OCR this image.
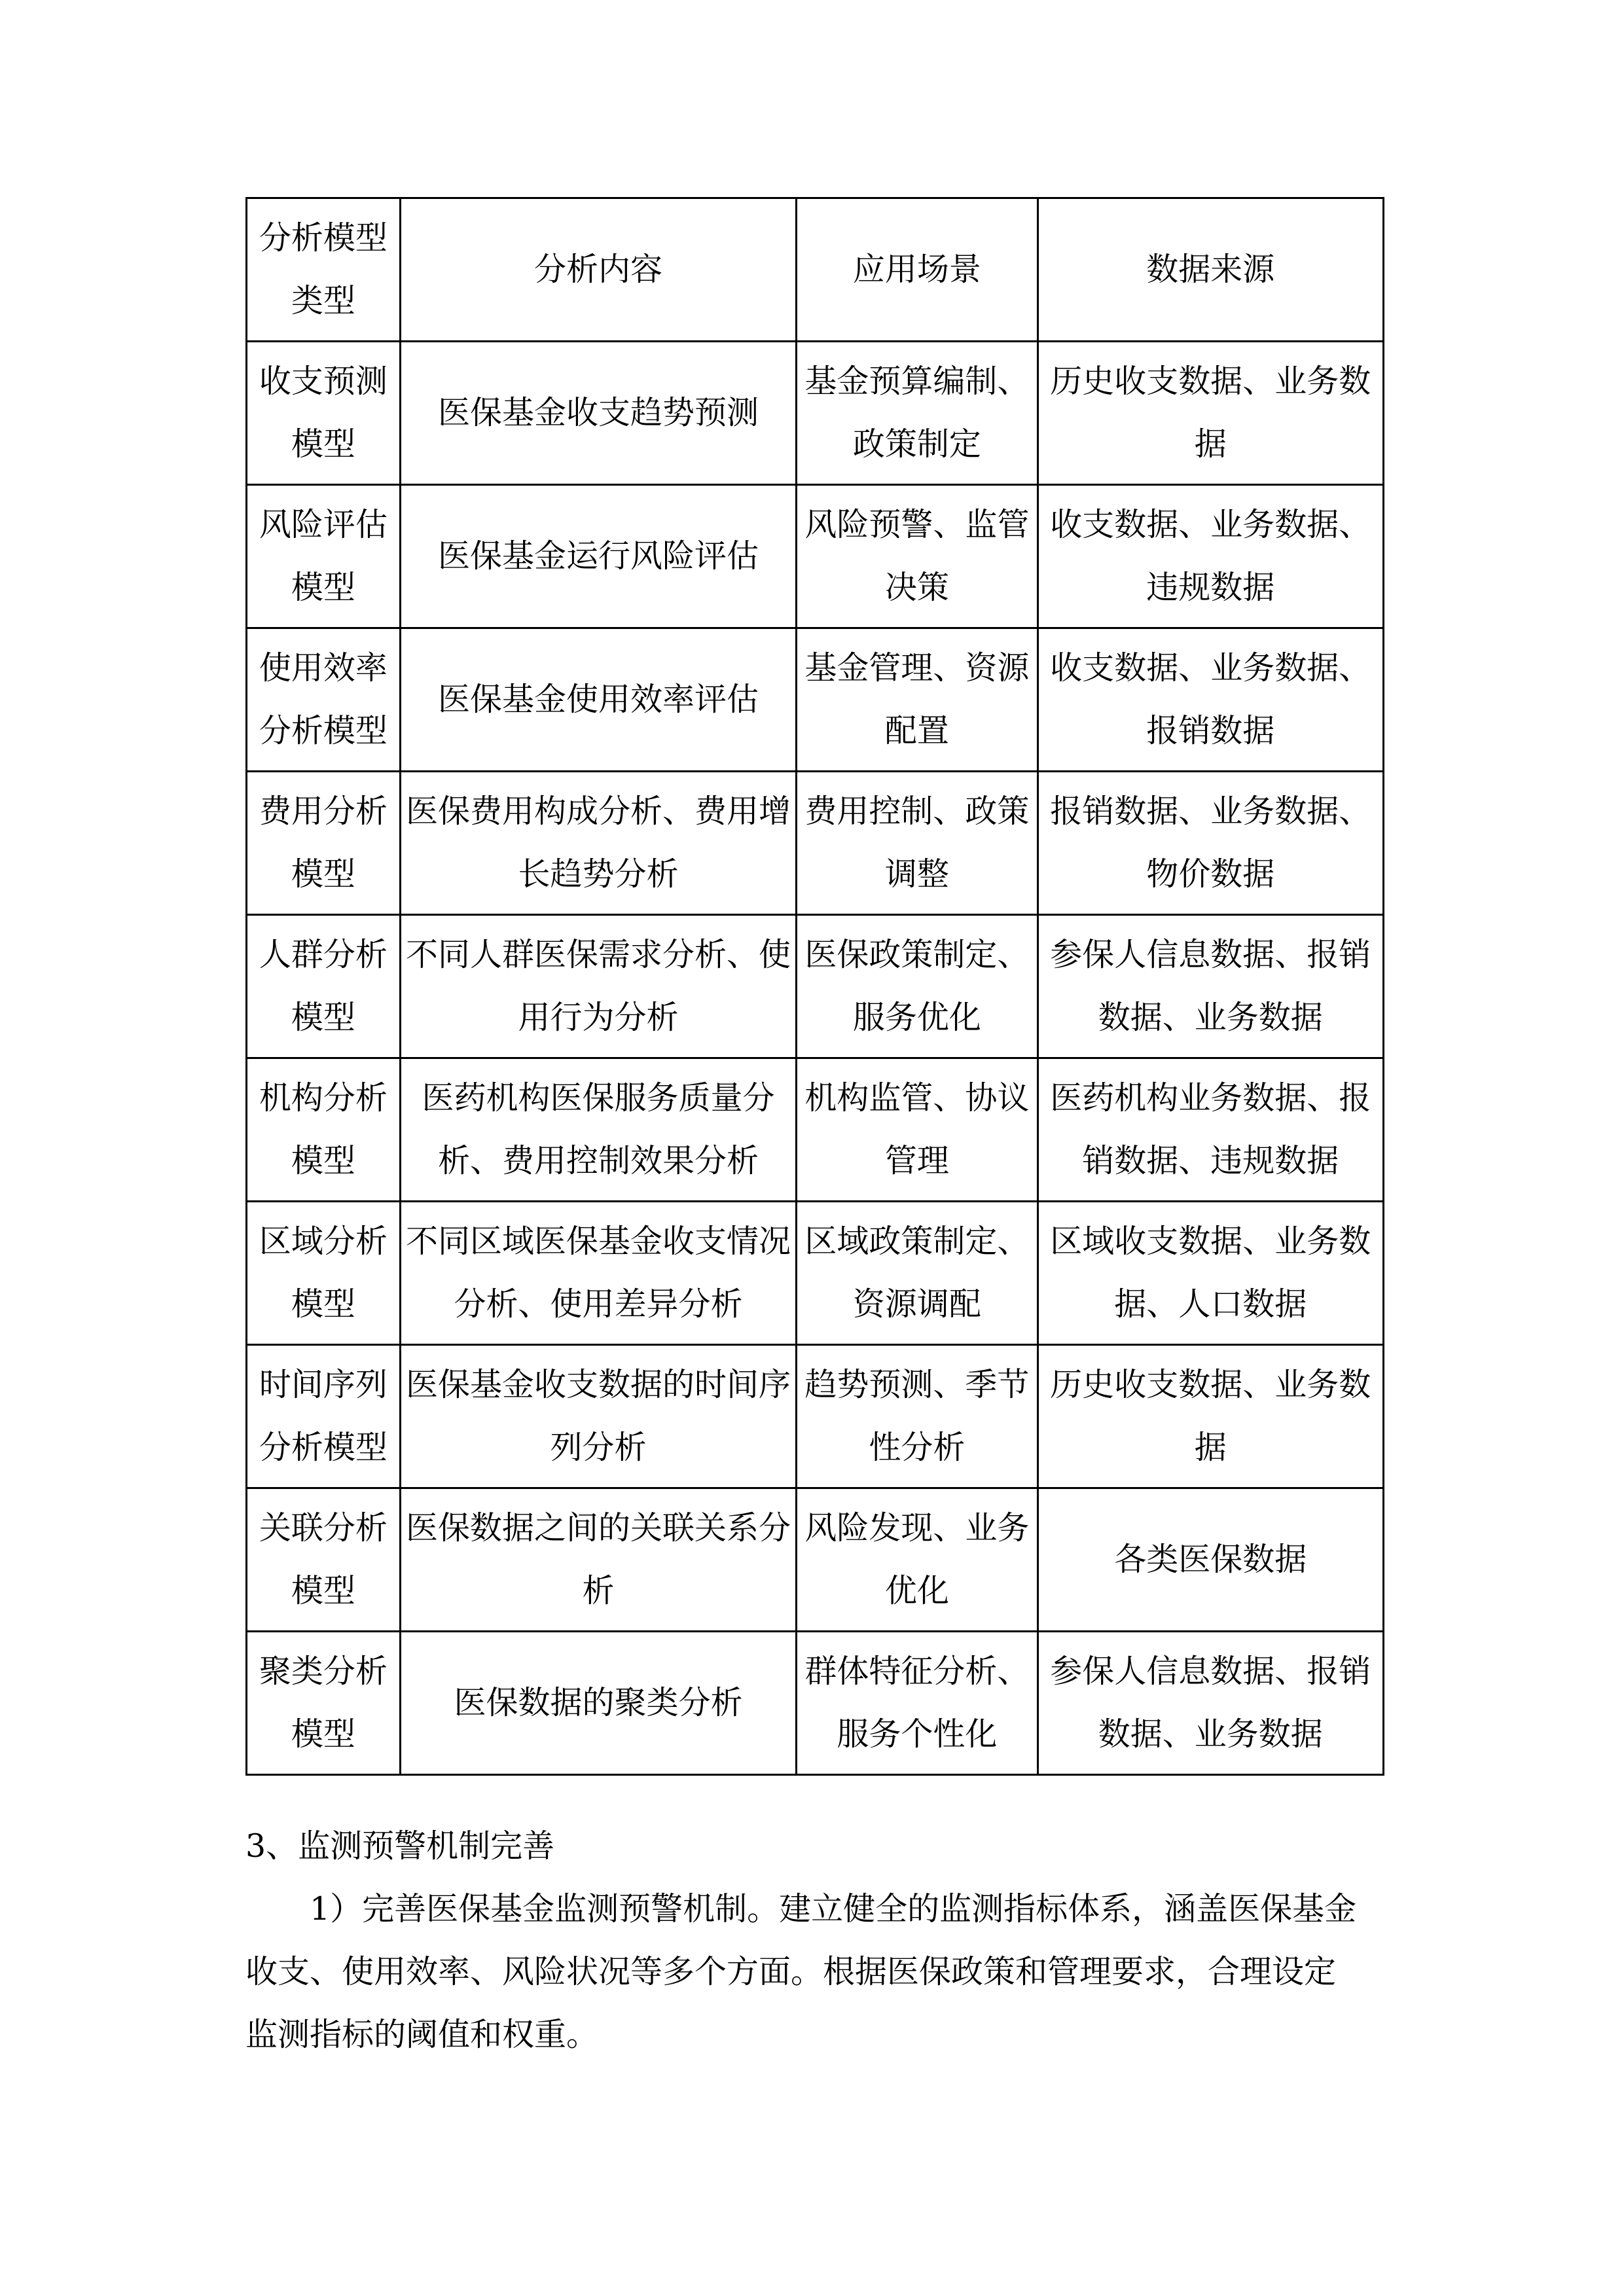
分析模型类型	分析内容	应用场景	数据来源
收支预测模型	医保基金收支趋势预测	基金预算编制、政策制定	历史收支数据、业务数据
风险评估模型	医保基金运行风险评估	风险预警、监管决策	收支数据、业务数据、违规数据
使用效率分析模型	医保基金使用效率评估	基金管理、资源配置	收支数据、业务数据、报销数据
费用分析模型	医保费用构成分析、费用增长趋势分析	费用控制、政策调整	报销数据、业务数据、物价数据
人群分析模型	不同人群医保需求分析、使用行为分析	医保政策制定、服务优化	参保人信息数据、报销数据、业务数据
机构分析模型	医药机构医保服务质量分析、费用控制效果分析	机构监管、协议管理	医药机构业务数据、报销数据、违规数据
区域分析模型	不同区域医保基金收支情况分析、使用差异分析	区域政策制定、资源调配	区域收支数据、业务数据、人口数据
时间序列分析模型	医保基金收支数据的时间序列分析	趋势预测、季节性分析	历史收支数据、业务数据
关联分析模型	医保数据之间的关联关系分析	风险发现、业务优化	各类医保数据
聚类分析模型	医保数据的聚类分析	群体特征分析、服务个性化	参保人信息数据、报销数据、业务数据
3、监测预警机制完善
1）完善医保基金监测预警机制。建立健全的监测指标体系，涵盖医保基金
收支、使用效率、风险状况等多个方面。根据医保政策和管理要求，合理设定
监测指标的阈值和权重。
